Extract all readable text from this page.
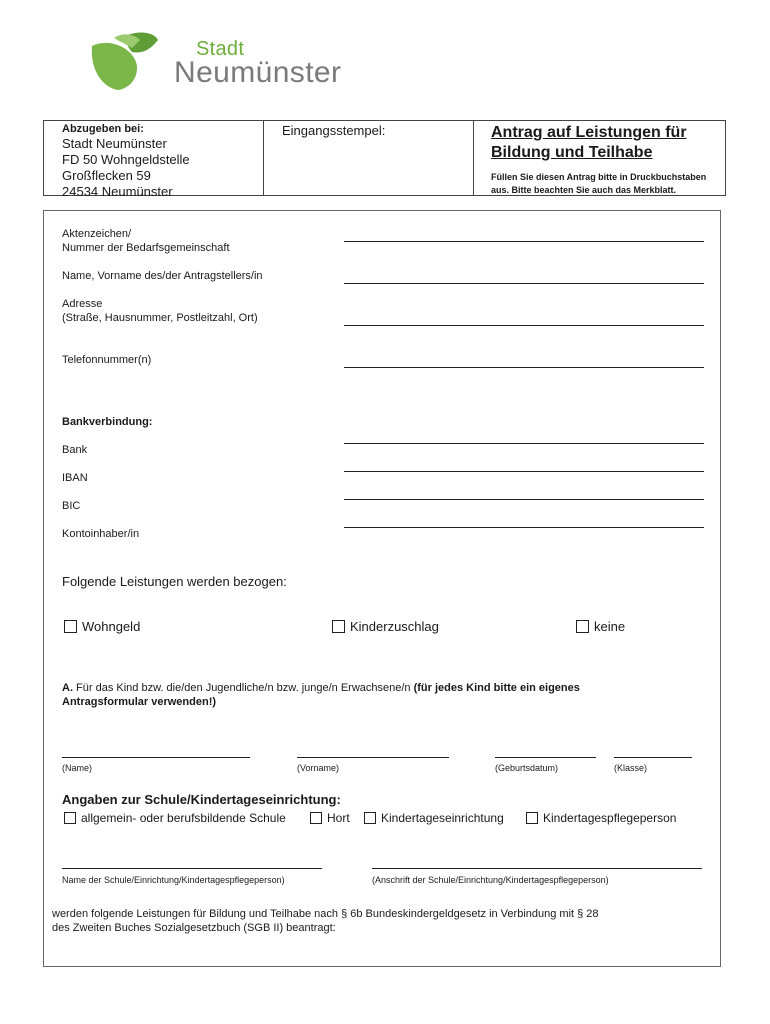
Stadt
Neumünster
Abzugeben bei:
Stadt Neumünster
FD 50 Wohngeldstelle
Großflecken 59
24534 Neumünster
Eingangsstempel:	Antrag auf Leistungen für
Bildung und Teilhabe
Füllen Sie diesen Antrag bitte in Druckbuchstaben
aus. Bitte beachten Sie auch das Merkblatt.
Aktenzeichen/
Nummer der Bedarfsgemeinschaft
Name, Vorname des/der Antragstellers/in
Adresse
(Straße, Hausnummer, Postleitzahl, Ort)
Telefonnummer(n)
Bankverbindung:
Bank
IBAN
BIC
Kontoinhaber/in
Folgende Leistungen werden bezogen:
Wohngeld	Kinderzuschlag	keine
A. Für das Kind bzw. die/den Jugendliche/n bzw. junge/n Erwachsene/n (für jedes Kind bitte ein eigenes
Antragsformular verwenden!)
(Name)	(Vorname)	(Geburtsdatum)	(Klasse)
Angaben zur Schule/Kindertageseinrichtung:
allgemein- oder berufsbildende Schule	Hort	Kindertageseinrichtung	Kindertagespflegeperson
Name der Schule/Einrichtung/Kindertagespflegeperson)	(Anschrift der Schule/Einrichtung/Kindertagespflegeperson)
werden folgende Leistungen für Bildung und Teilhabe nach § 6b Bundeskindergeldgesetz in Verbindung mit § 28
des Zweiten Buches Sozialgesetzbuch (SGB II) beantragt:
